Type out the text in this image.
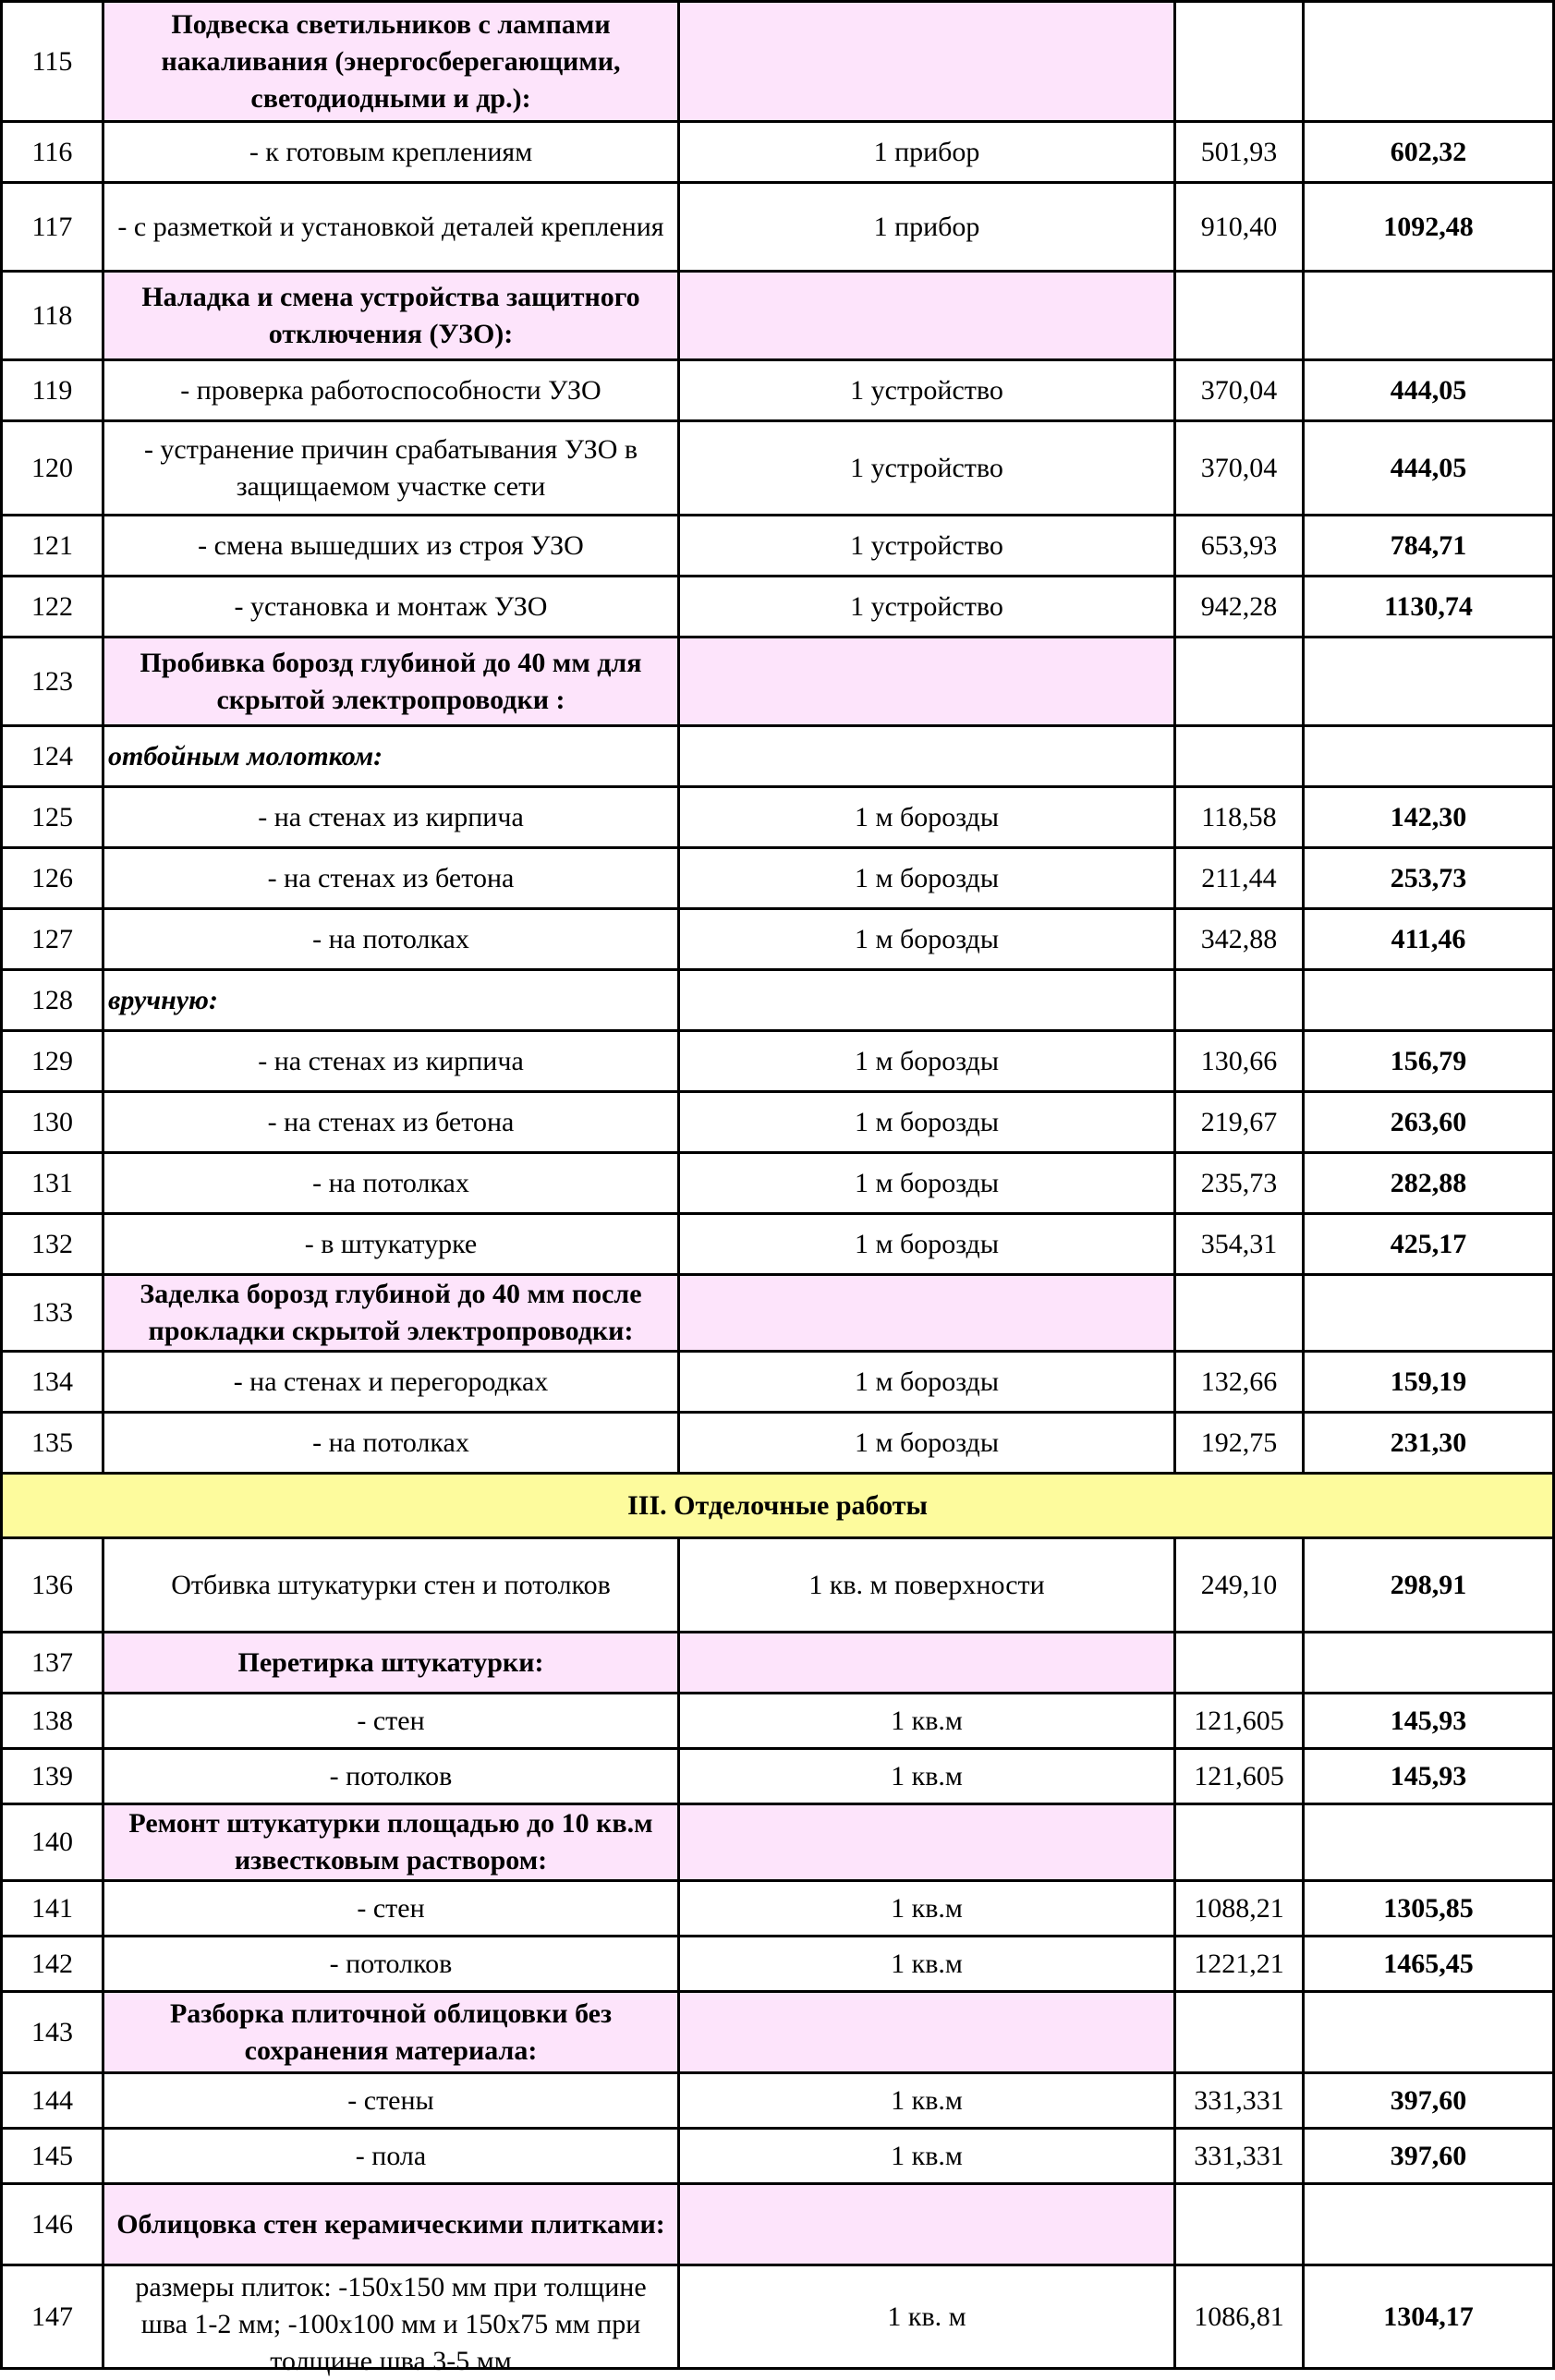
115	Подвеска светильников с лампами накаливания (энергосберегающими, светодиодными и др.):			
116	- к готовым креплениям	1 прибор	501,93	602,32
117	- с разметкой и установкой деталей крепления	1 прибор	910,40	1092,48
118	Наладка и смена устройства защитного отключения (УЗО):			
119	- проверка работоспособности УЗО	1 устройство	370,04	444,05
120	- устранение причин срабатывания УЗО в защищаемом участке сети	1 устройство	370,04	444,05
121	- смена вышедших из строя УЗО	1 устройство	653,93	784,71
122	- установка и монтаж УЗО	1 устройство	942,28	1130,74
123	Пробивка борозд глубиной до 40 мм для скрытой электропроводки :			
124	отбойным молотком:			
125	- на стенах из кирпича	1 м борозды	118,58	142,30
126	- на стенах из бетона	1 м борозды	211,44	253,73
127	- на потолках	1 м борозды	342,88	411,46
128	вручную:			
129	- на стенах из кирпича	1 м борозды	130,66	156,79
130	- на стенах из бетона	1 м борозды	219,67	263,60
131	- на потолках	1 м борозды	235,73	282,88
132	- в штукатурке	1 м борозды	354,31	425,17
133	Заделка борозд глубиной до 40 мм после прокладки скрытой электропроводки:			
134	- на стенах и перегородках	1 м борозды	132,66	159,19
135	- на потолках	1 м борозды	192,75	231,30
III. Отделочные работы				
136	Отбивка штукатурки стен и потолков	1 кв. м поверхности	249,10	298,91
137	Перетирка штукатурки:			
138	- стен	1 кв.м	121,605	145,93
139	- потолков	1 кв.м	121,605	145,93
140	Ремонт штукатурки площадью до 10 кв.м известковым раствором:			
141	- стен	1 кв.м	1088,21	1305,85
142	- потолков	1 кв.м	1221,21	1465,45
143	Разборка плиточной облицовки без сохранения материала:			
144	- стены	1 кв.м	331,331	397,60
145	- пола	1 кв.м	331,331	397,60
146	Облицовка стен керамическими плитками:			
147	размеры плиток: -150х150 мм при толщине шва 1-2 мм; -100х100 мм и 150х75 мм при толщине шва 3-5 мм	1 кв. м	1086,81	1304,17
